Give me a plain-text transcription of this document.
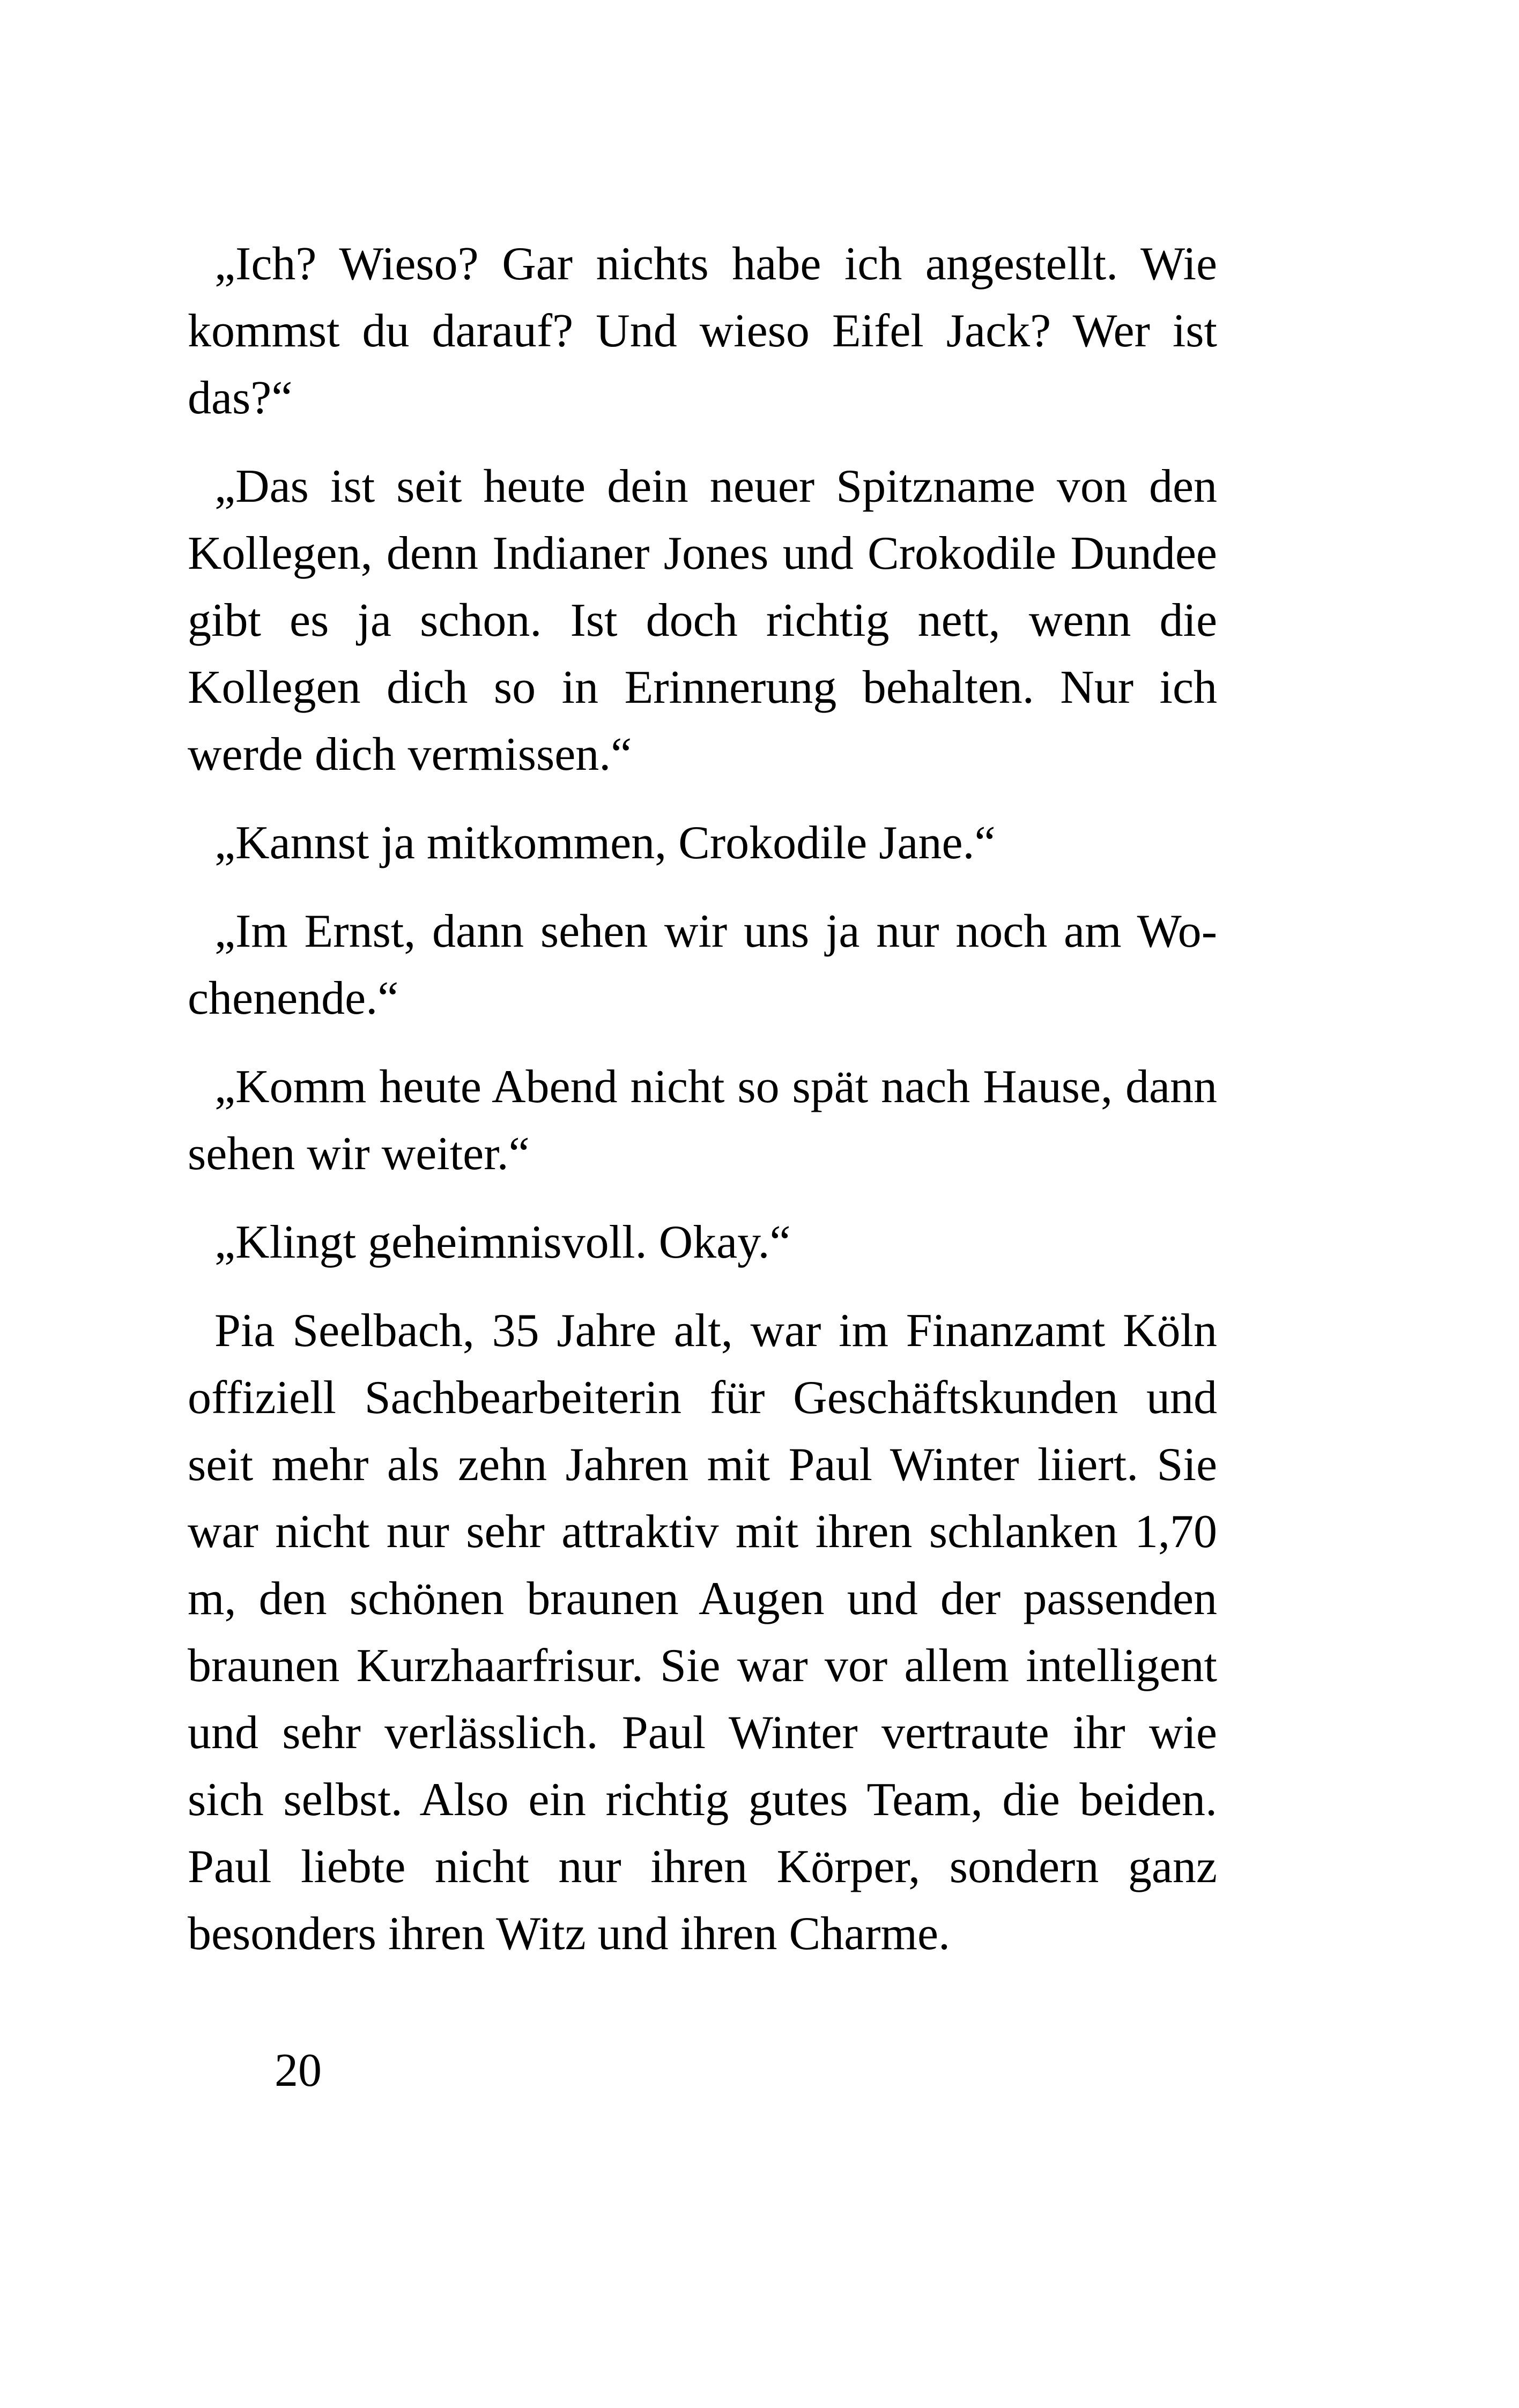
„Ich? Wieso? Gar nichts habe ich angestellt. Wie kommst du darauf? Und wieso Eifel Jack? Wer ist das?“

„Das ist seit heute dein neuer Spitzname von den Kollegen, denn Indianer Jones und Crokodile Dundee gibt es ja schon. Ist doch richtig nett, wenn die Kollegen dich so in Erinnerung behalten. Nur ich werde dich vermissen.“

„Kannst ja mitkommen, Crokodile Jane.“

„Im Ernst, dann sehen wir uns ja nur noch am Wochenende.“

„Komm heute Abend nicht so spät nach Hause, dann sehen wir weiter.“

„Klingt geheimnisvoll. Okay.“

Pia Seelbach, 35 Jahre alt, war im Finanzamt Köln offiziell Sachbearbeiterin für Geschäftskunden und seit mehr als zehn Jahren mit Paul Winter liiert. Sie war nicht nur sehr attraktiv mit ihren schlanken 1,70 m, den schönen braunen Augen und der passenden braunen Kurzhaarfrisur. Sie war vor allem intelligent und sehr verlässlich. Paul Winter vertraute ihr wie sich selbst. Also ein richtig gutes Team, die beiden. Paul liebte nicht nur ihren Körper, sondern ganz besonders ihren Witz und ihren Charme.

20
